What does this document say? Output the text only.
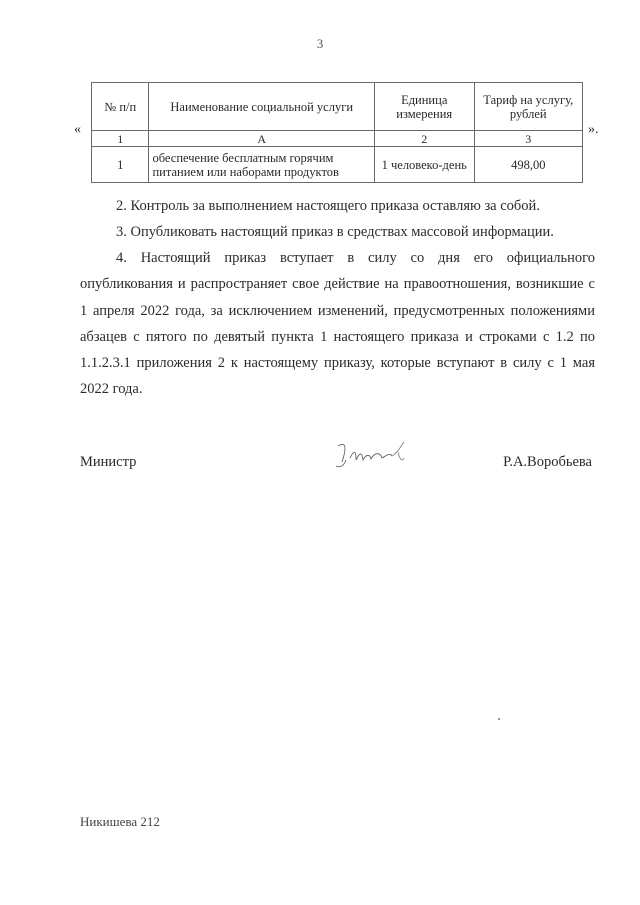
3
«
№ п/п	Наименование социальной услуги	Единица измерения	Тариф на услугу, рублей
1	А	2	3
1	обеспечение бесплатным горячим питанием или наборами продуктов	1 человеко-день	498,00
».
2. Контроль за выполнением настоящего приказа оставляю за собой.
3. Опубликовать настоящий приказ в средствах массовой информации.
4. Настоящий приказ вступает в силу со дня его официального опубликования и распространяет свое действие на правоотношения, возникшие с 1 апреля 2022 года, за исключением изменений, предусмотренных положениями абзацев с пятого по девятый пункта 1 настоящего приказа и строками с 1.2 по 1.1.2.3.1 приложения 2 к настоящему приказу, которые вступают в силу с 1 мая 2022 года.
Министр	Р.А.Воробьева
Никишева 212
